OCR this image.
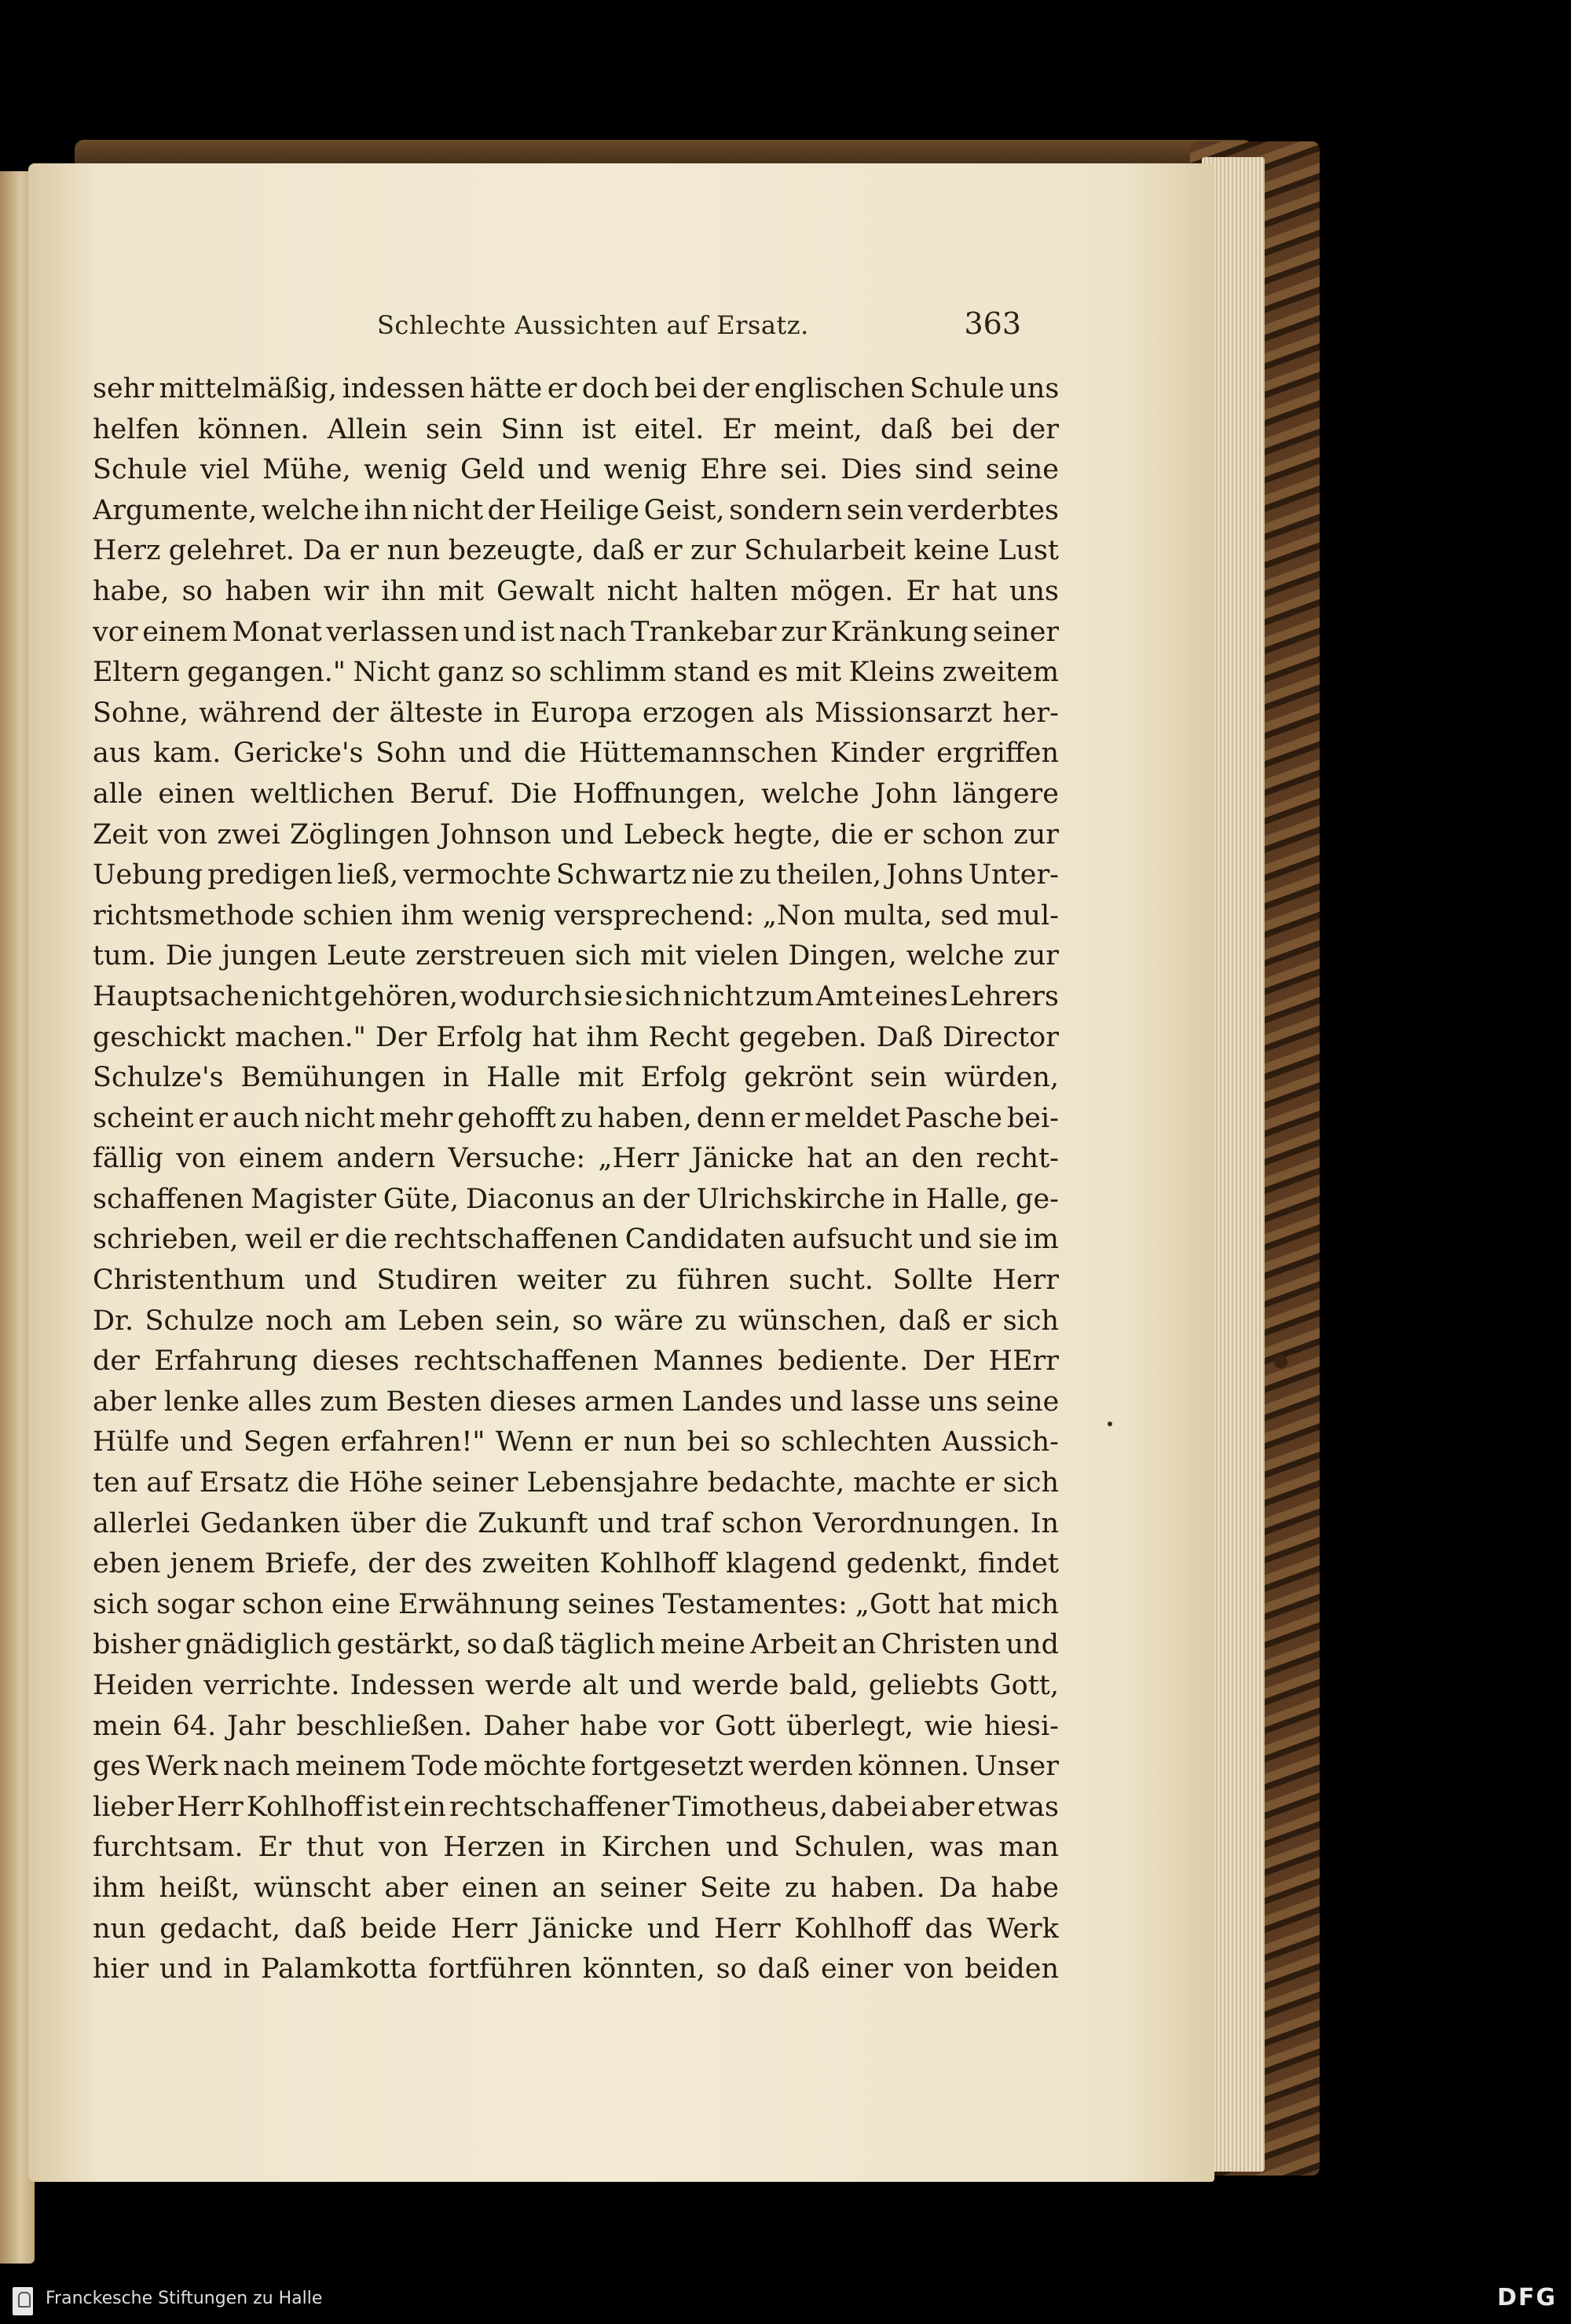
Schlechte Aussichten auf Ersatz.	363
sehr mittelmäßig, indessen hätte er doch bei der englischen Schule uns
helfen können. Allein sein Sinn ist eitel. Er meint, daß bei der
Schule viel Mühe, wenig Geld und wenig Ehre sei. Dies sind seine
Argumente, welche ihn nicht der Heilige Geist, sondern sein verderbtes
Herz gelehret. Da er nun bezeugte, daß er zur Schularbeit keine Lust
habe, so haben wir ihn mit Gewalt nicht halten mögen. Er hat uns
vor einem Monat verlassen und ist nach Trankebar zur Kränkung seiner
Eltern gegangen." Nicht ganz so schlimm stand es mit Kleins zweitem
Sohne, während der älteste in Europa erzogen als Missionsarzt her-
aus kam. Gericke's Sohn und die Hüttemannschen Kinder ergriffen
alle einen weltlichen Beruf. Die Hoffnungen, welche John längere
Zeit von zwei Zöglingen Johnson und Lebeck hegte, die er schon zur
Uebung predigen ließ, vermochte Schwartz nie zu theilen, Johns Unter-
richtsmethode schien ihm wenig versprechend: „Non multa, sed mul-
tum. Die jungen Leute zerstreuen sich mit vielen Dingen, welche zur
Hauptsache nicht gehören, wodurch sie sich nicht zum Amt eines Lehrers
geschickt machen." Der Erfolg hat ihm Recht gegeben. Daß Director
Schulze's Bemühungen in Halle mit Erfolg gekrönt sein würden,
scheint er auch nicht mehr gehofft zu haben, denn er meldet Pasche bei-
fällig von einem andern Versuche: „Herr Jänicke hat an den recht-
schaffenen Magister Güte, Diaconus an der Ulrichskirche in Halle, ge-
schrieben, weil er die rechtschaffenen Candidaten aufsucht und sie im
Christenthum und Studiren weiter zu führen sucht. Sollte Herr
Dr. Schulze noch am Leben sein, so wäre zu wünschen, daß er sich
der Erfahrung dieses rechtschaffenen Mannes bediente. Der HErr
aber lenke alles zum Besten dieses armen Landes und lasse uns seine
Hülfe und Segen erfahren!" Wenn er nun bei so schlechten Aussich-
ten auf Ersatz die Höhe seiner Lebensjahre bedachte, machte er sich
allerlei Gedanken über die Zukunft und traf schon Verordnungen. In
eben jenem Briefe, der des zweiten Kohlhoff klagend gedenkt, findet
sich sogar schon eine Erwähnung seines Testamentes: „Gott hat mich
bisher gnädiglich gestärkt, so daß täglich meine Arbeit an Christen und
Heiden verrichte. Indessen werde alt und werde bald, geliebts Gott,
mein 64. Jahr beschließen. Daher habe vor Gott überlegt, wie hiesi-
ges Werk nach meinem Tode möchte fortgesetzt werden können. Unser
lieber Herr Kohlhoff ist ein rechtschaffener Timotheus, dabei aber etwas
furchtsam. Er thut von Herzen in Kirchen und Schulen, was man
ihm heißt, wünscht aber einen an seiner Seite zu haben. Da habe
nun gedacht, daß beide Herr Jänicke und Herr Kohlhoff das Werk
hier und in Palamkotta fortführen könnten, so daß einer von beiden
Franckesche Stiftungen zu Halle	DFG
